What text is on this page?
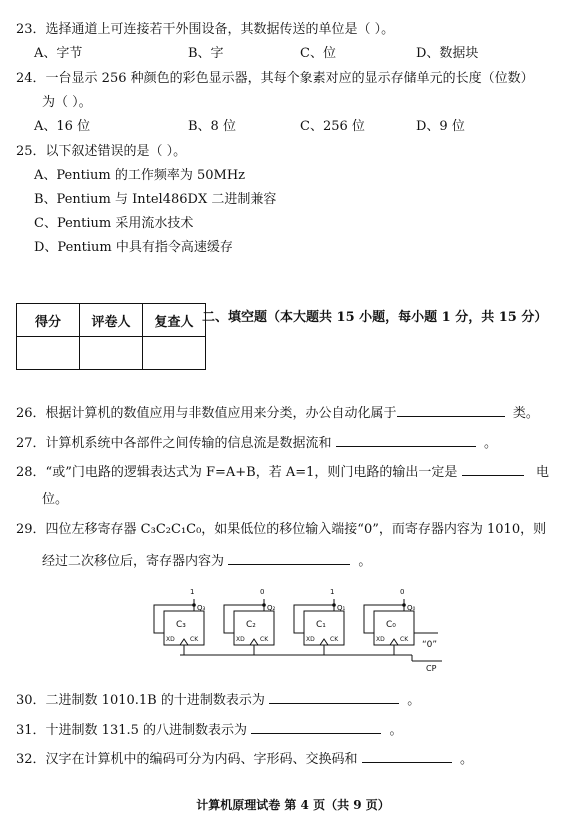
23．选择通道上可连接若干外围设备，其数据传送的单位是（ ）。
A、字节	B、字	C、位	D、数据块
24．一台显示 256 种颜色的彩色显示器，其每个象素对应的显示存储单元的长度（位数）
为（ ）。
A、16 位	B、8 位	C、256 位	D、9 位
25．以下叙述错误的是（ ）。
A、Pentium 的工作频率为 50MHz
B、Pentium 与 Intel486DX 二进制兼容
C、Pentium 采用流水技术
D、Pentium 中具有指令高速缓存
得分	评卷人	复查人
		二、填空题（本大题共 15 小题，每小题 1 分，共 15 分）
26．根据计算机的数值应用与非数值应用来分类，办公自动化属于	类。
27．计算机系统中各部件之间传输的信息流是数据流和	。
28．“或”门电路的逻辑表达式为 F=A+B，若 A=1，则门电路的输出一定是	电
位。
29．四位左移寄存器 C₃C₂C₁C₀，如果低位的移位输入端接“0”，而寄存器内容为 1010，则
经过二次移位后，寄存器内容为	。
1	0	1	0
Q₃	Q₂	Q₁	Q₀
C₃	C₂	C₁	C₀
XD	XD	XD	XD
CK	CK	CK	CK
“0”
CP
30．二进制数 1010.1B 的十进制数表示为	。
31．十进制数 131.5 的八进制数表示为	。
32．汉字在计算机中的编码可分为内码、字形码、交换码和	。
计算机原理试卷 第 4 页（共 9 页）
